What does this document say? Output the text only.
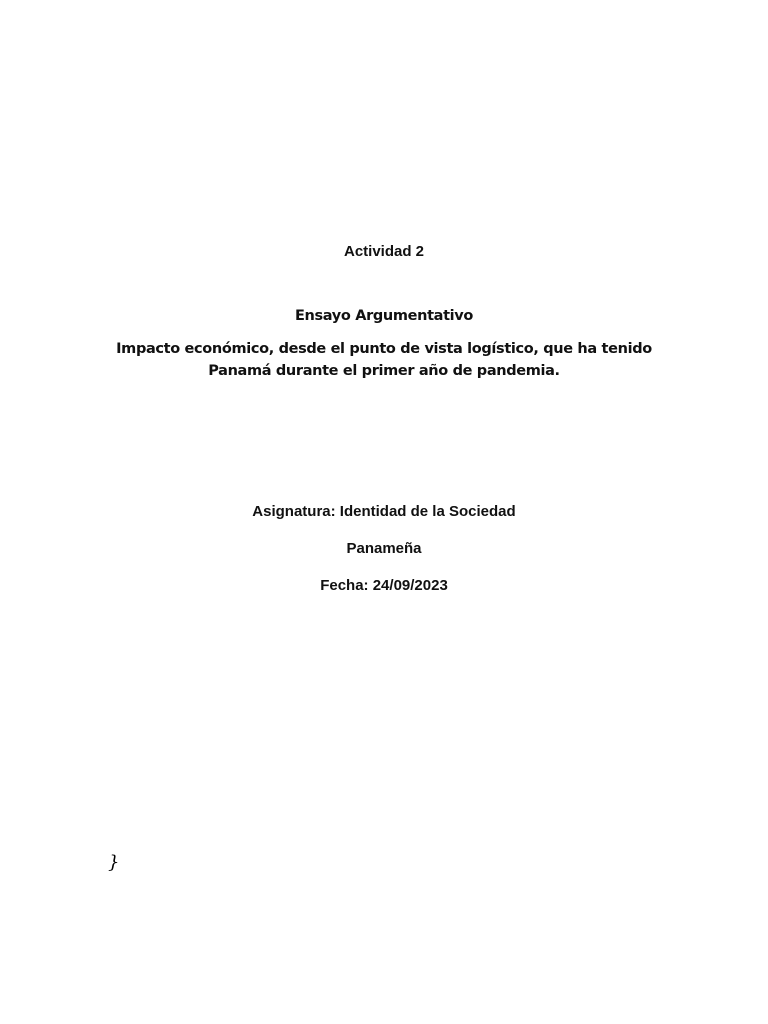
Actividad 2
Ensayo Argumentativo
Impacto económico, desde el punto de vista logístico, que ha tenido
Panamá durante el primer año de pandemia.
Asignatura: Identidad de la Sociedad
Panameña
Fecha: 24/09/2023
}
